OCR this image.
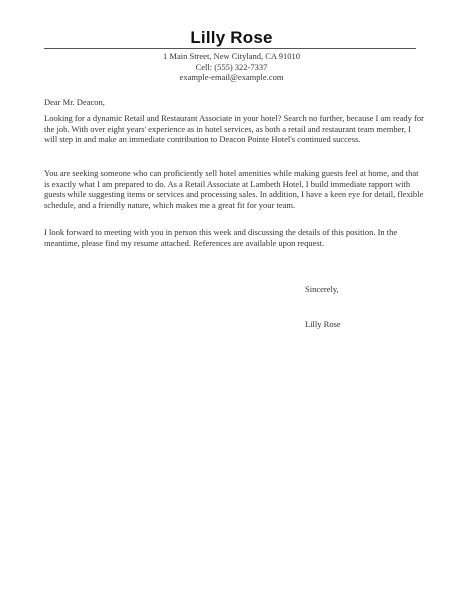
Lilly Rose
1 Main Street, New Cityland, CA 91010
Cell: (555) 322-7337
example-email@example.com
Dear Mr. Deacon,

Looking for a dynamic Retail and Restaurant Associate in your hotel? Search no further, because I am ready for the job. With over eight years' experience as in hotel services, as both a retail and restaurant team member, I will step in and make an immediate contribution to Deacon Pointe Hotel's continued success.

You are seeking someone who can proficiently sell hotel amenities while making guests feel at home, and that is exactly what I am prepared to do. As a Retail Associate at Lambeth Hotel, I build immediate rapport with guests while suggesting items or services and processing sales. In addition, I have a keen eye for detail, flexible schedule, and a friendly nature, which makes me a great fit for your team.

I look forward to meeting with you in person this week and discussing the details of this position. In the meantime, please find my resume attached. References are available upon request.

Sincerely,
Lilly Rose
